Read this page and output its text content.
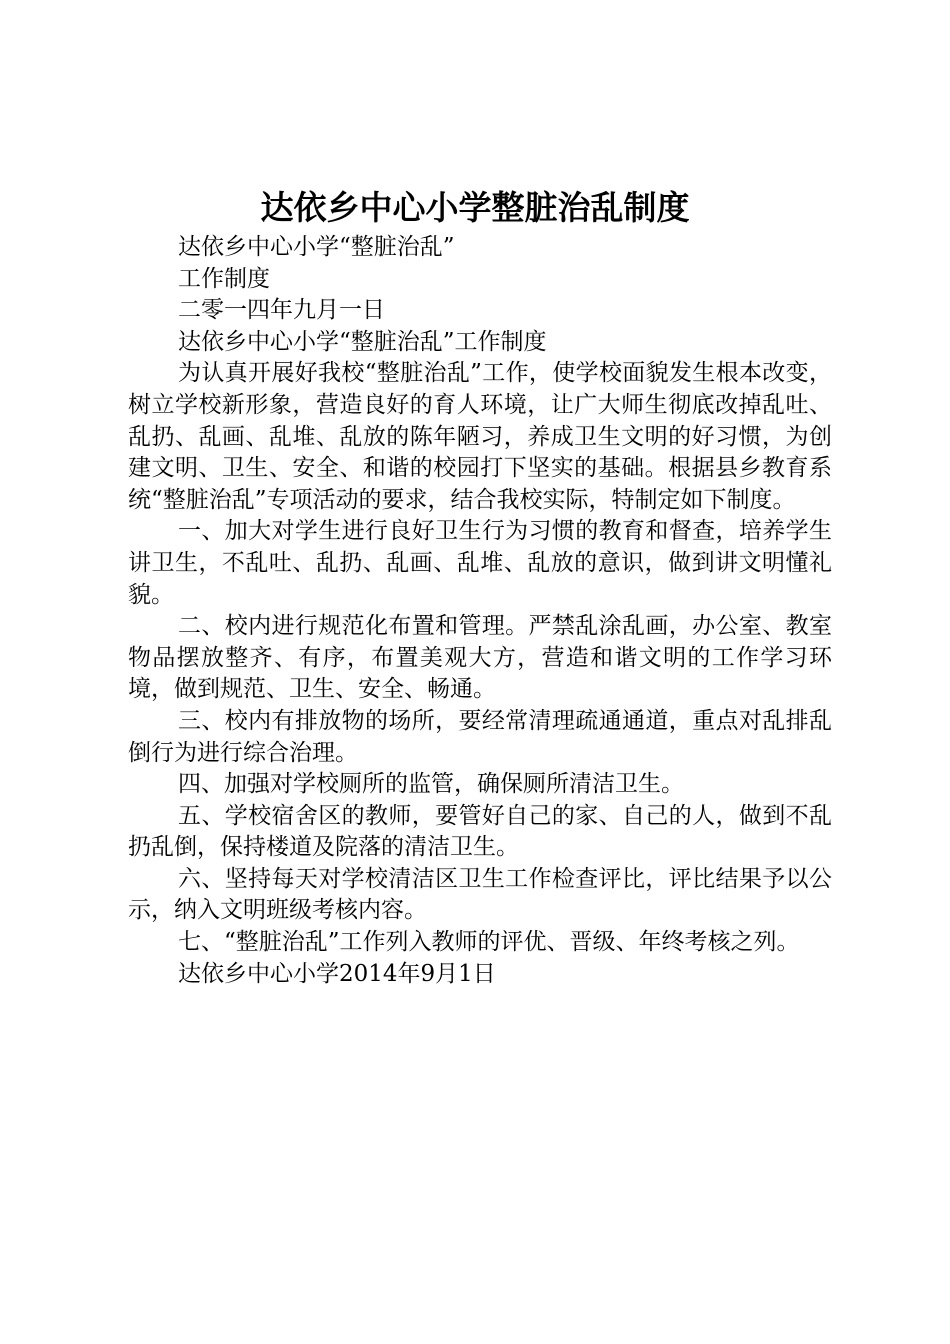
达依乡中心小学整脏治乱制度

达依乡中心小学“整脏治乱”

工作制度

二零一四年九月一日

达依乡中心小学“整脏治乱”工作制度

为认真开展好我校“整脏治乱”工作，使学校面貌发生根本改变，树立学校新形象，营造良好的育人环境，让广大师生彻底改掉乱吐、乱扔、乱画、乱堆、乱放的陈年陋习，养成卫生文明的好习惯，为创建文明、卫生、安全、和谐的校园打下坚实的基础。根据县乡教育系统“整脏治乱”专项活动的要求，结合我校实际，特制定如下制度。

一、加大对学生进行良好卫生行为习惯的教育和督查，培养学生讲卫生，不乱吐、乱扔、乱画、乱堆、乱放的意识，做到讲文明懂礼貌。

二、校内进行规范化布置和管理。严禁乱涂乱画，办公室、教室物品摆放整齐、有序，布置美观大方，营造和谐文明的工作学习环境，做到规范、卫生、安全、畅通。

三、校内有排放物的场所，要经常清理疏通通道，重点对乱排乱倒行为进行综合治理。

四、加强对学校厕所的监管，确保厕所清洁卫生。

五、学校宿舍区的教师，要管好自己的家、自己的人，做到不乱扔乱倒，保持楼道及院落的清洁卫生。

六、坚持每天对学校清洁区卫生工作检查评比，评比结果予以公示，纳入文明班级考核内容。

七、“整脏治乱”工作列入教师的评优、晋级、年终考核之列。

达依乡中心小学2014年9月1日
